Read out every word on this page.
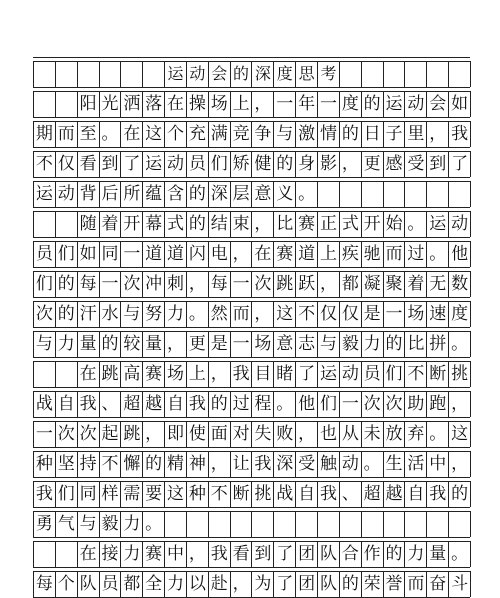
运 动 会 的 深 度 思 考
阳 光 洒 落 在 操 场 上 ， 一 年 一 度 的 运 动 会 如
期 而 至 。 在 这 个 充 满 竞 争 与 激 情 的 日 子 里 ， 我
不 仅 看 到 了 运 动 员 们 矫 健 的 身 影 ， 更 感 受 到 了
运 动 背 后 所 蕴 含 的 深 层 意 义 。
随 着 开 幕 式 的 结 束 ， 比 赛 正 式 开 始 。 运 动
员 们 如 同 一 道 道 闪 电 ， 在 赛 道 上 疾 驰 而 过 。 他
们 的 每 一 次 冲 刺 ， 每 一 次 跳 跃 ， 都 凝 聚 着 无 数
次 的 汗 水 与 努 力 。 然 而 ， 这 不 仅 仅 是 一 场 速 度
与 力 量 的 较 量 ， 更 是 一 场 意 志 与 毅 力 的 比 拼 。
在 跳 高 赛 场 上 ， 我 目 睹 了 运 动 员 们 不 断 挑
战 自 我 、 超 越 自 我 的 过 程 。 他 们 一 次 次 助 跑 ，
一 次 次 起 跳 ， 即 使 面 对 失 败 ， 也 从 未 放 弃 。 这
种 坚 持 不 懈 的 精 神 ， 让 我 深 受 触 动 。 生 活 中 ，
我 们 同 样 需 要 这 种 不 断 挑 战 自 我 、 超 越 自 我 的
勇 气 与 毅 力 。
在 接 力 赛 中 ， 我 看 到 了 团 队 合 作 的 力 量 。
每 个 队 员 都 全 力 以 赴 ， 为 了 团 队 的 荣 誉 而 奋 斗
